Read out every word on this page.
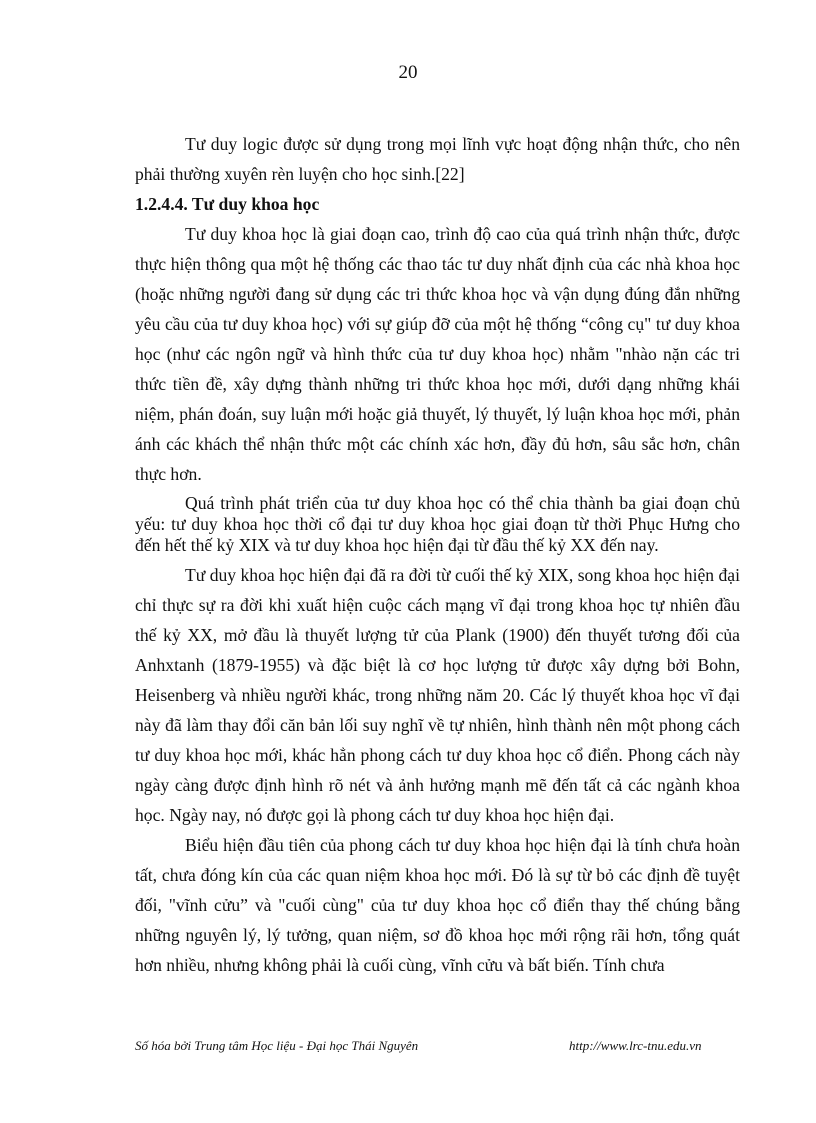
20

Tư duy logic được sử dụng trong mọi lĩnh vực hoạt động nhận thức, cho nên phải thường xuyên rèn luyện cho học sinh.[22]

1.2.4.4. Tư duy khoa học

Tư duy khoa học là giai đoạn cao, trình độ cao của quá trình nhận thức, được thực hiện thông qua một hệ thống các thao tác tư duy nhất định của các nhà khoa học (hoặc những người đang sử dụng các tri thức khoa học và vận dụng đúng đắn những yêu cầu của tư duy khoa học) với sự giúp đỡ của một hệ thống “công cụ" tư duy khoa học (như các ngôn ngữ và hình thức của tư duy khoa học) nhằm "nhào nặn các tri thức tiền đề, xây dựng thành những tri thức khoa học mới, dưới dạng những khái niệm, phán đoán, suy luận mới hoặc giả thuyết, lý thuyết, lý luận khoa học mới, phản ánh các khách thể nhận thức một các chính xác hơn, đầy đủ hơn, sâu sắc hơn, chân thực hơn.

Quá trình phát triển của tư duy khoa học có thể chia thành ba giai đoạn chủ yếu: tư duy khoa học thời cổ đại tư duy khoa học giai đoạn từ thời Phục Hưng cho đến hết thế kỷ XIX và tư duy khoa học hiện đại từ đầu thế kỷ XX đến nay.

Tư duy khoa học hiện đại đã ra đời từ cuối thế kỷ XIX, song khoa học hiện đại chỉ thực sự ra đời khi xuất hiện cuộc cách mạng vĩ đại trong khoa học tự nhiên đầu thế kỷ XX, mở đầu là thuyết lượng tử của Plank (1900) đến thuyết tương đối của Anhxtanh (1879-1955) và đặc biệt là cơ học lượng tử được xây dựng bởi Bohn, Heisenberg và nhiều người khác, trong những năm 20. Các lý thuyết khoa học vĩ đại này đã làm thay đổi căn bản lối suy nghĩ về tự nhiên, hình thành nên một phong cách tư duy khoa học mới, khác hẳn phong cách tư duy khoa học cổ điển. Phong cách này ngày càng được định hình rõ nét và ảnh hưởng mạnh mẽ đến tất cả các ngành khoa học. Ngày nay, nó được gọi là phong cách tư duy khoa học hiện đại.

Biểu hiện đầu tiên của phong cách tư duy khoa học hiện đại là tính chưa hoàn tất, chưa đóng kín của các quan niệm khoa học mới. Đó là sự từ bỏ các định đề tuyệt đối, "vĩnh cửu” và "cuối cùng" của tư duy khoa học cổ điển thay thế chúng bằng những nguyên lý, lý tưởng, quan niệm, sơ đồ khoa học mới rộng rãi hơn, tổng quát hơn nhiều, nhưng không phải là cuối cùng, vĩnh cửu và bất biến. Tính chưa

Số hóa bởi Trung tâm Học liệu - Đại học Thái Nguyên	http://www.lrc-tnu.edu.vn
